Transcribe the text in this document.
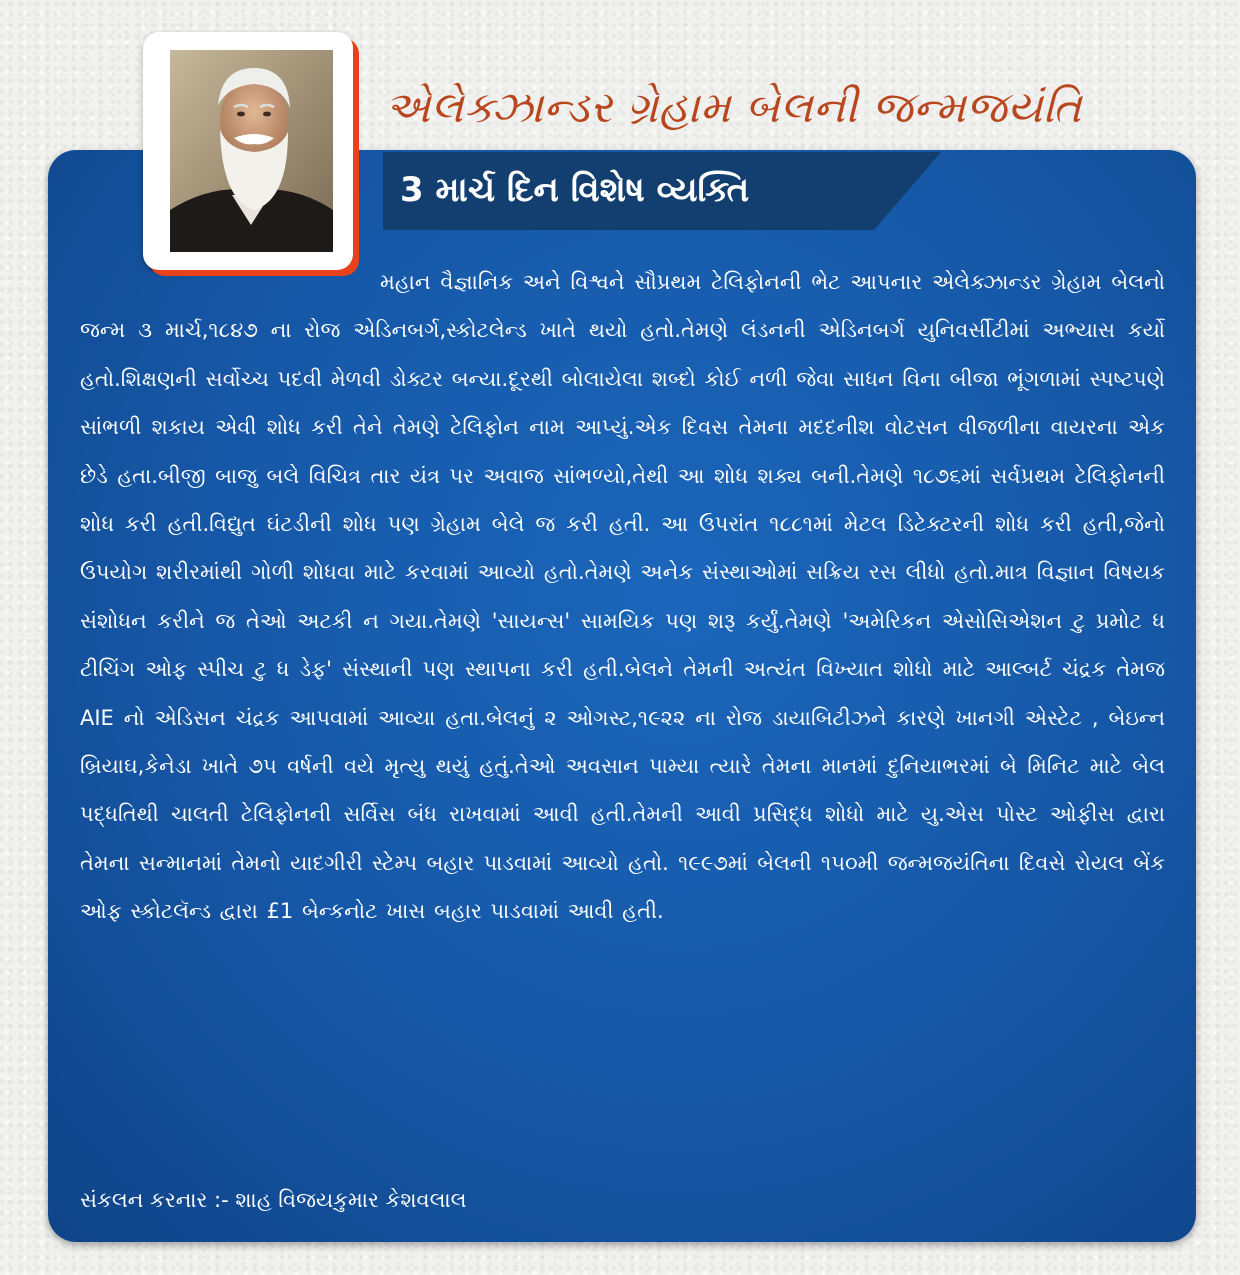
એલેક્ઝાન્ડર ગ્રેહામ બેલની જન્મજયંતિ
3 માર્ચ દિન વિશેષ વ્યક્તિ

મહાન વૈજ્ઞાનિક અને વિશ્વને સૌપ્રથમ ટેલિફોનની ભેટ આપનાર એલેક્ઝાન્ડર ગ્રેહામ બેલનો જન્મ ૩ માર્ચ,૧૮૪૭ ના રોજ એડિનબર્ગ,સ્કોટલેન્ડ ખાતે થયો હતો.તેમણે લંડનની એડિનબર્ગ યુનિવર્સીટીમાં અભ્યાસ કર્યો હતો.શિક્ષણની સર્વોચ્ચ પદવી મેળવી ડોક્ટર બન્યા.દૂરથી બોલાયેલા શબ્દો કોઈ નળી જેવા સાધન વિના બીજા ભૂંગળામાં સ્પષ્ટપણે સાંભળી શકાય એવી શોધ કરી તેને તેમણે ટેલિફોન નામ આપ્યું.એક દિવસ તેમના મદદનીશ વોટસન વીજળીના વાયરના એક છેડે હતા.બીજી બાજુ બલે વિચિત્ર તાર યંત્ર પર અવાજ સાંભળ્યો,તેથી આ શોધ શક્ય બની.તેમણે ૧૮૭૬માં સર્વપ્રથમ ટેલિફોનની શોધ કરી હતી.વિદ્યુત ઘંટડીની શોધ પણ ગ્રેહામ બેલે જ કરી હતી. આ ઉપરાંત ૧૮૮૧માં મેટલ ડિટેક્ટરની શોધ કરી હતી,જેનો ઉપયોગ શરીરમાંથી ગોળી શોધવા માટે કરવામાં આવ્યો હતો.તેમણે અનેક સંસ્થાઓમાં સક્રિય રસ લીધો હતો.માત્ર વિજ્ઞાન વિષયક સંશોધન કરીને જ તેઓ અટકી ન ગયા.તેમણે 'સાયન્સ' સામયિક પણ શરૂ કર્યું.તેમણે 'અમેરિકન એસોસિએશન ટુ પ્રમોટ ધ ટીચિંગ ઓફ સ્પીચ ટુ ધ ડેફ' સંસ્થાની પણ સ્થાપના કરી હતી.બેલને તેમની અત્યંત વિખ્યાત શોધો માટે આલ્બર્ટ ચંદ્રક તેમજ AIE નો એડિસન ચંદ્રક આપવામાં આવ્યા હતા.બેલનું ૨ ઓગસ્ટ,૧૯૨૨ ના રોજ ડાયાબિટીઝને કારણે ખાનગી એસ્ટેટ , બેઇન્ન બ્રિયાઘ,કેનેડા ખાતે ૭૫ વર્ષની વયે મૃત્યુ થયું હતું.તેઓ અવસાન પામ્યા ત્યારે તેમના માનમાં દુનિયાભરમાં બે મિનિટ માટે બેલ પદ્ધતિથી ચાલતી ટેલિફોનની સર્વિસ બંધ રાખવામાં આવી હતી.તેમની આવી પ્રસિદ્ધ શોધો માટે યુ.એસ પોસ્ટ ઓફીસ દ્વારા તેમના સન્માનમાં તેમનો યાદગીરી સ્ટેમ્પ બહાર પાડવામાં આવ્યો હતો. ૧૯૯૭માં બેલની ૧૫૦મી જન્મજયંતિના દિવસે રોયલ બેંક ઓફ સ્કોટલૅન્ડ દ્વારા £1 બેન્કનોટ ખાસ બહાર પાડવામાં આવી હતી.

સંકલન કરનાર :- શાહ વિજયકુમાર કેશવલાલ
